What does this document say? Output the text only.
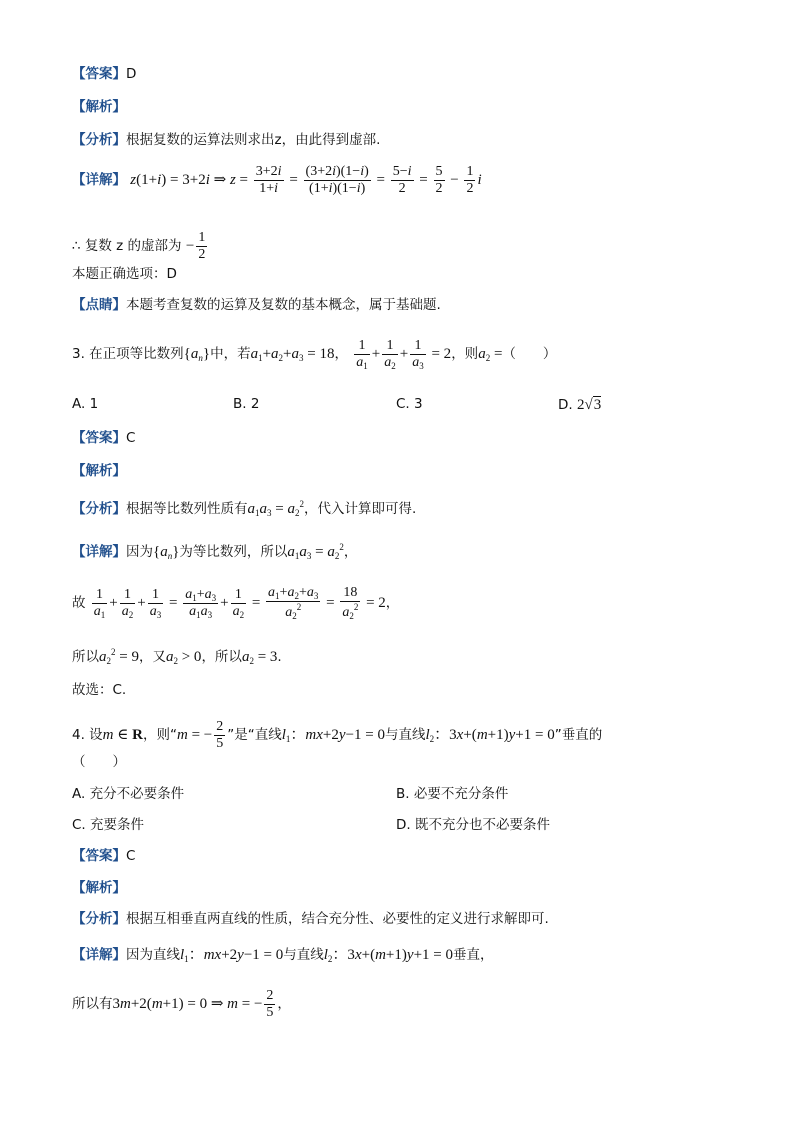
【答案】D
【解析】
【分析】根据复数的运算法则求出z，由此得到虚部.
【详解】 z(1+i) = 3+2i ⇒ $z = \frac{3+2i}{1+i} = \frac{(3+2i)(1-i)}{(1+i)(1-i)} = \frac{5-i}{2} = \frac{5}{2} - \frac{1}{2}$ i
∴ 复数 z 的虚部为 − $\frac{1}{2}$
本题正确选项：D
【点睛】本题考查复数的运算及复数的基本概念，属于基础题.
3. 在正项等比数列$\{a_n\}$中，若$a_1+a_2+a_3 = 18$， $\frac{1}{a_1} + \frac{1}{a_2} + \frac{1}{a_3} = 2$，则$a_2$ =（　　）
A. 1	B. 2	C. 3	D. 2√3
【答案】C
【解析】
【分析】根据等比数列性质有$a_1a_3 = a_2^2$，代入计算即可得.
【详解】因为$\{a_n\}$为等比数列，所以$a_1a_3 = a_2^2$，
故 $\frac{1}{a_1} + \frac{1}{a_2} + \frac{1}{a_3} = \frac{a_1+a_3}{a_1a_3} + \frac{1}{a_2} = \frac{a_1+a_2+a_3}{a_2^2} = \frac{18}{a_2^2} = 2$，
所以$a_2^2 = 9$，又$a_2 > 0$，所以$a_2 = 3$.
故选：C.
4. 设m ∈ R，则“m = − $\frac{2}{5}$ ”是“直线$l_1$：mx+2y−1 = 0与直线$l_2$：3x+(m+1)y+1 = 0”垂直的
（　　）
A. 充分不必要条件	B. 必要不充分条件
C. 充要条件	D. 既不充分也不必要条件
【答案】C
【解析】
【分析】根据互相垂直两直线的性质，结合充分性、必要性的定义进行求解即可.
【详解】因为直线$l_1$：mx+2y−1 = 0与直线$l_2$：3x+(m+1)y+1 = 0垂直，
所以有3m+2(m+1) = 0 ⇒ m = − $\frac{2}{5}$ ，
